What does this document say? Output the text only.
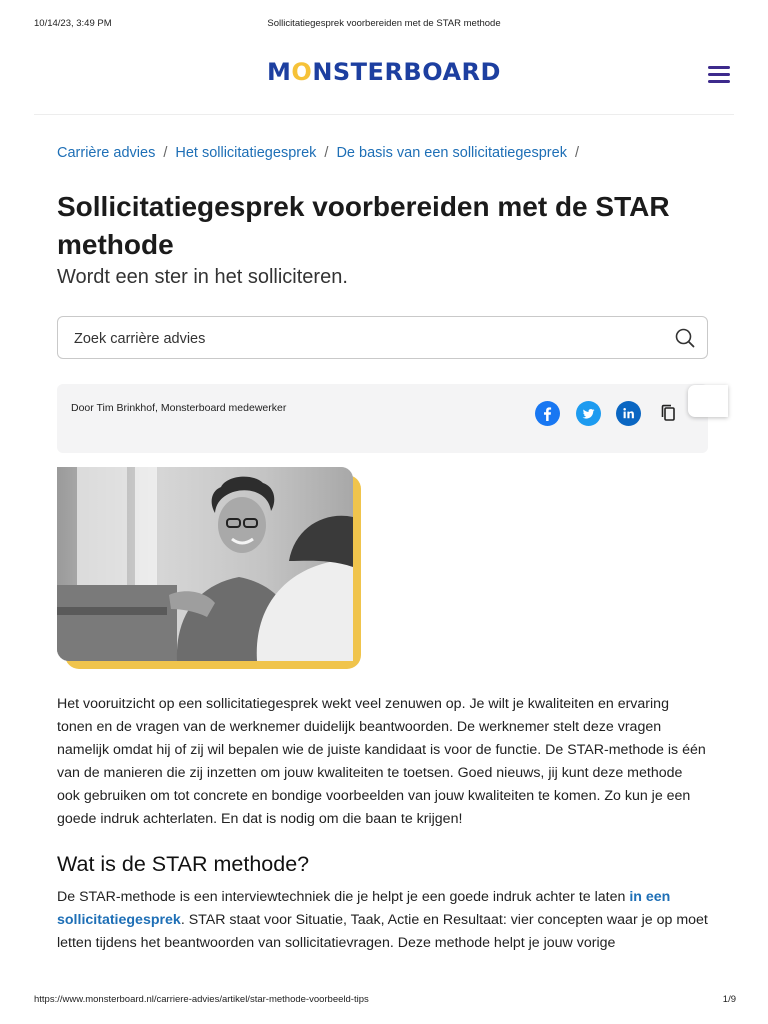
10/14/23, 3:49 PM	Sollicitatiegesprek voorbereiden met de STAR methode
MONSTERBOARD
Carrière advies / Het sollicitatiegesprek / De basis van een sollicitatiegesprek /
Sollicitatiegesprek voorbereiden met de STAR methode
Wordt een ster in het solliciteren.
Zoek carrière advies
Door Tim Brinkhof, Monsterboard medewerker

Het vooruitzicht op een sollicitatiegesprek wekt veel zenuwen op. Je wilt je kwaliteiten en ervaring tonen en de vragen van de werknemer duidelijk beantwoorden. De werknemer stelt deze vragen namelijk omdat hij of zij wil bepalen wie de juiste kandidaat is voor de functie. De STAR-methode is één van de manieren die zij inzetten om jouw kwaliteiten te toetsen. Goed nieuws, jij kunt deze methode ook gebruiken om tot concrete en bondige voorbeelden van jouw kwaliteiten te komen. Zo kun je een goede indruk achterlaten. En dat is nodig om die baan te krijgen!

Wat is de STAR methode?

De STAR-methode is een interviewtechniek die je helpt je een goede indruk achter te laten in een sollicitatiegesprek. STAR staat voor Situatie, Taak, Actie en Resultaat: vier concepten waar je op moet letten tijdens het beantwoorden van sollicitatievragen. Deze methode helpt je jouw vorige

https://www.monsterboard.nl/carriere-advies/artikel/star-methode-voorbeeld-tips	1/9
